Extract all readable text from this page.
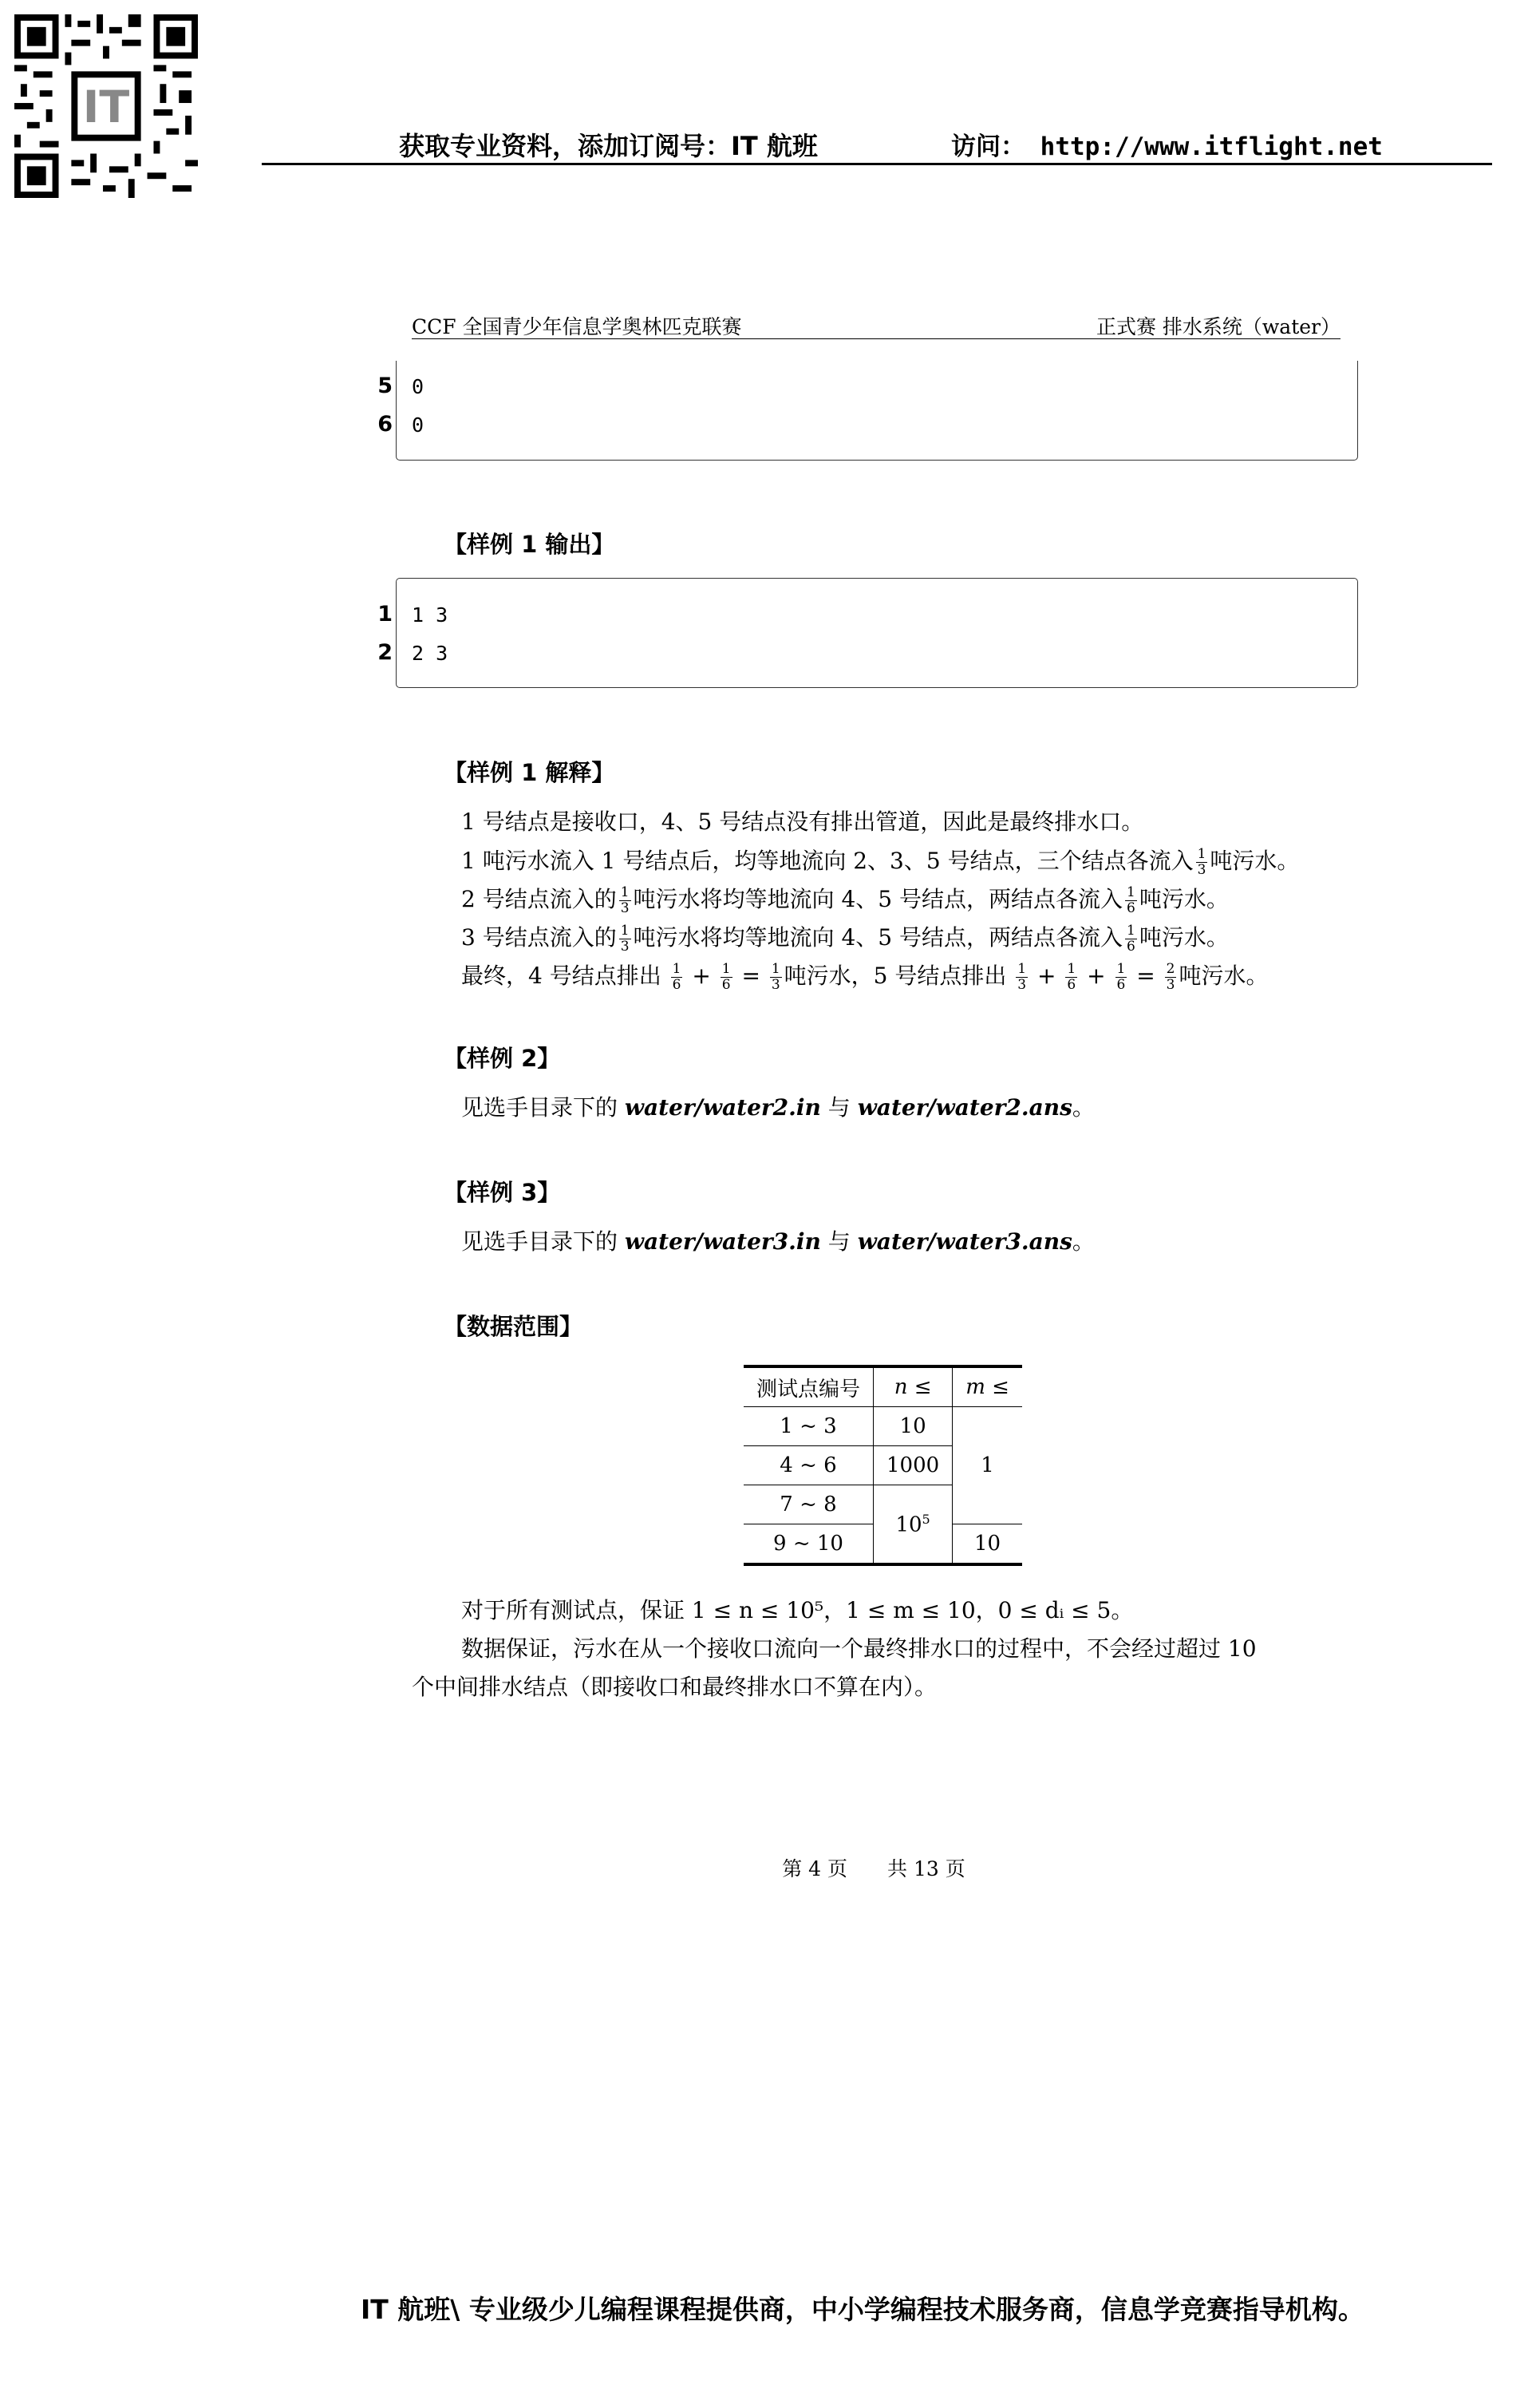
IT
获取专业资料，添加订阅号：IT 航班	访问： http://www.itflight.net
CCF 全国青少年信息学奥林匹克联赛	正式赛 排水系统（water）
5 0
6 0
【样例 1 输出】
1 1 3
2 2 3
【样例 1 解释】
1 号结点是接收口，4、5 号结点没有排出管道，因此是最终排水口。
1 吨污水流入 1 号结点后，均等地流向 2、3、5 号结点，三个结点各流入 $\frac{1}{3}$ 吨污水。
2 号结点流入的 $\frac{1}{3}$ 吨污水将均等地流向 4、5 号结点，两结点各流入 $\frac{1}{6}$ 吨污水。
3 号结点流入的 $\frac{1}{3}$ 吨污水将均等地流向 4、5 号结点，两结点各流入 $\frac{1}{6}$ 吨污水。
最终，4 号结点排出 $\frac{1}{6} + \frac{1}{6} = \frac{1}{3}$ 吨污水，5 号结点排出 $\frac{1}{3} + \frac{1}{6} + \frac{1}{6} = \frac{2}{3}$ 吨污水。
【样例 2】
见选手目录下的 water/water2.in 与 water/water2.ans。
【样例 3】
见选手目录下的 water/water3.in 与 water/water3.ans。
【数据范围】
测试点编号	n ≤	m ≤
1 ~ 3	10	1
4 ~ 6	1000	
7 ~ 8	$10^5$
9 ~ 10		10
对于所有测试点，保证 1 ≤ n ≤ 10⁵，1 ≤ m ≤ 10，0 ≤ dᵢ ≤ 5。
数据保证，污水在从一个接收口流向一个最终排水口的过程中，不会经过超过 10
个中间排水结点（即接收口和最终排水口不算在内）。
第 4 页　　共 13 页
IT 航班\ 专业级少儿编程课程提供商，中小学编程技术服务商，信息学竞赛指导机构。
